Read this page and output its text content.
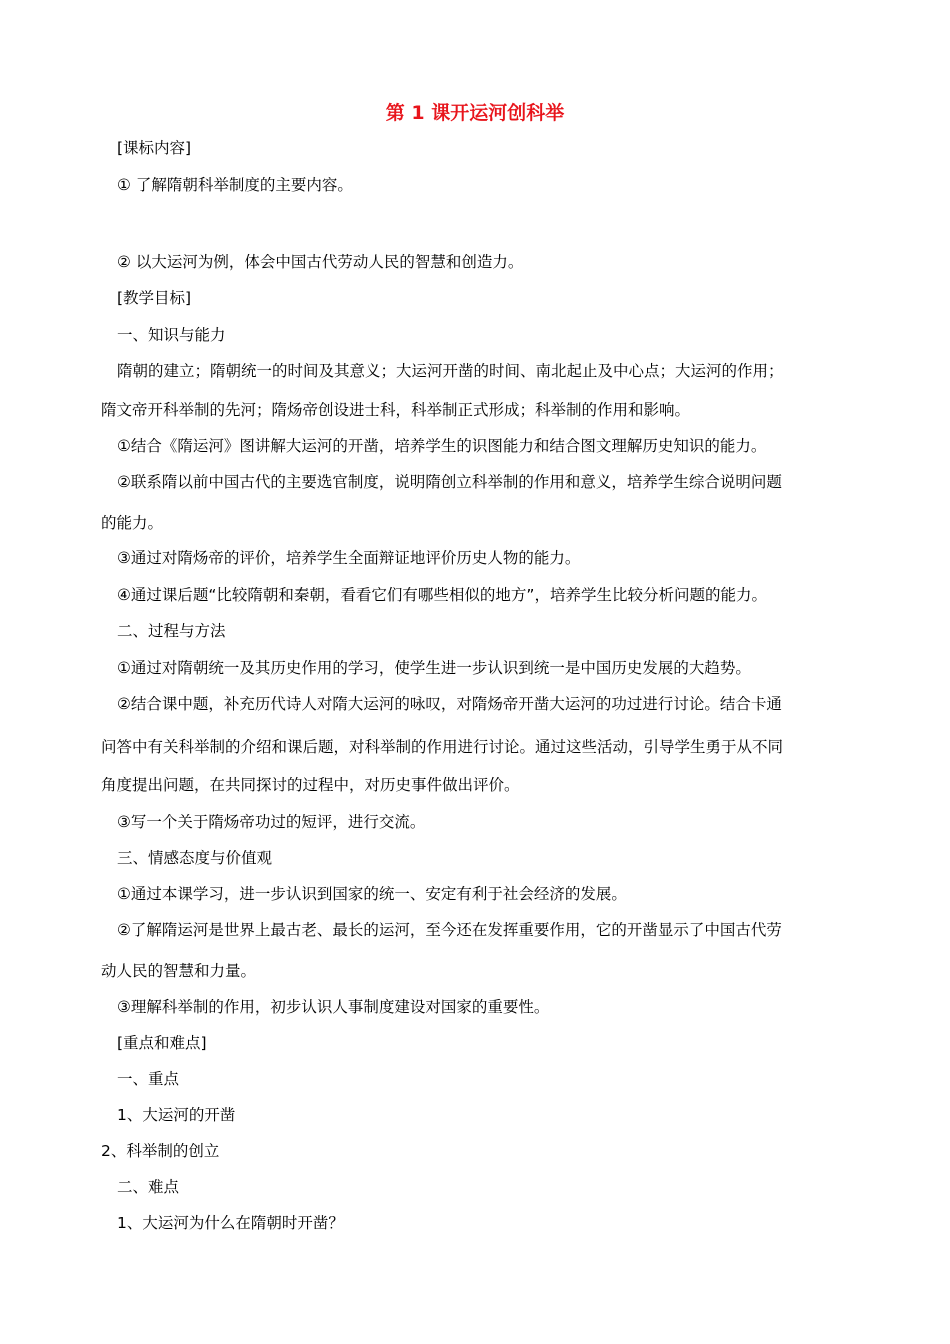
第 1 课开运河创科举
[课标内容]
① 了解隋朝科举制度的主要内容。
② 以大运河为例，体会中国古代劳动人民的智慧和创造力。
[教学目标]
一、知识与能力
隋朝的建立；隋朝统一的时间及其意义；大运河开凿的时间、南北起止及中心点；大运河的作用；
隋文帝开科举制的先河；隋炀帝创设进士科，科举制正式形成；科举制的作用和影响。
①结合《隋运河》图讲解大运河的开凿，培养学生的识图能力和结合图文理解历史知识的能力。
②联系隋以前中国古代的主要选官制度，说明隋创立科举制的作用和意义，培养学生综合说明问题
的能力。
③通过对隋炀帝的评价，培养学生全面辩证地评价历史人物的能力。
④通过课后题“比较隋朝和秦朝，看看它们有哪些相似的地方”，培养学生比较分析问题的能力。
二、过程与方法
①通过对隋朝统一及其历史作用的学习，使学生进一步认识到统一是中国历史发展的大趋势。
②结合课中题，补充历代诗人对隋大运河的咏叹，对隋炀帝开凿大运河的功过进行讨论。结合卡通
问答中有关科举制的介绍和课后题，对科举制的作用进行讨论。通过这些活动，引导学生勇于从不同
角度提出问题，在共同探讨的过程中，对历史事件做出评价。
③写一个关于隋炀帝功过的短评，进行交流。
三、情感态度与价值观
①通过本课学习，进一步认识到国家的统一、安定有利于社会经济的发展。
②了解隋运河是世界上最古老、最长的运河，至今还在发挥重要作用，它的开凿显示了中国古代劳
动人民的智慧和力量。
③理解科举制的作用，初步认识人事制度建设对国家的重要性。
[重点和难点]
一、重点
1、大运河的开凿
2、科举制的创立
二、难点
1、大运河为什么在隋朝时开凿？
